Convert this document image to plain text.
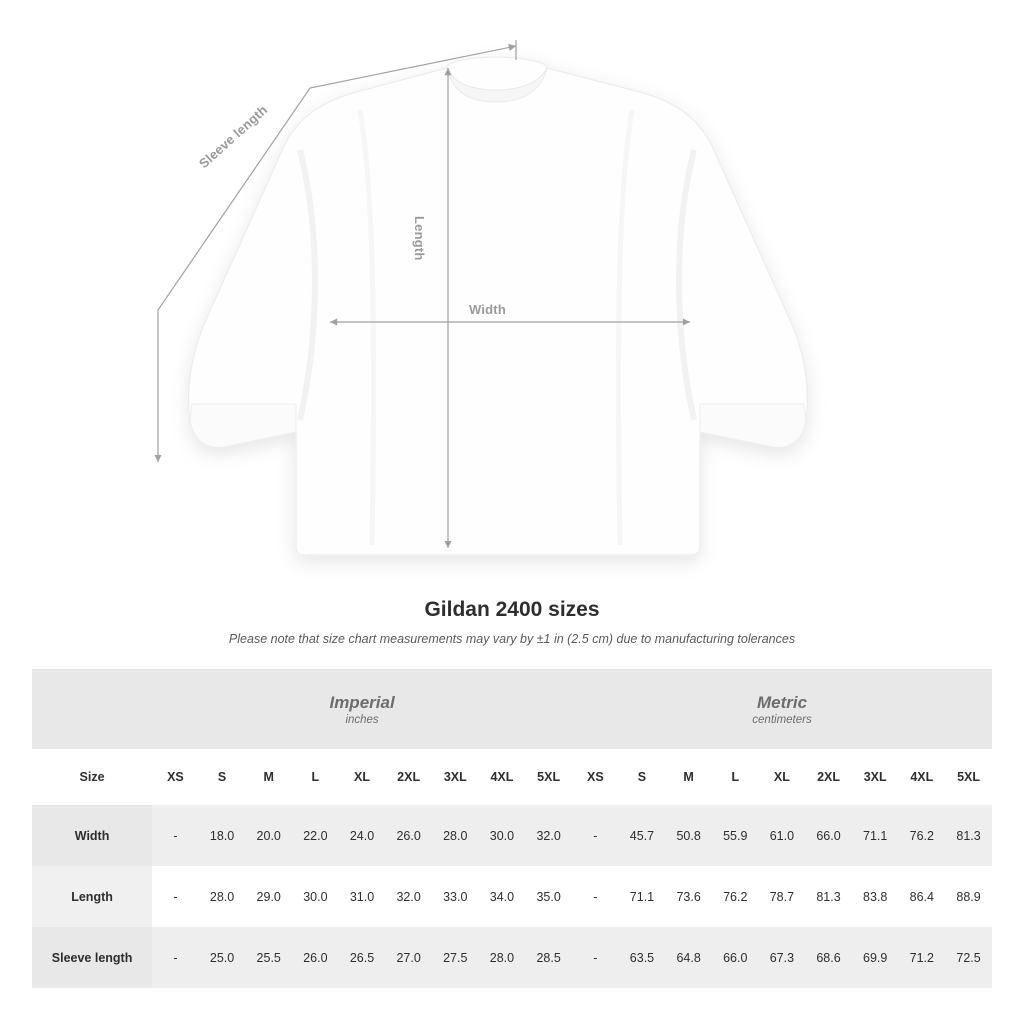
Width
Length
Sleeve length
Gildan 2400 sizes

Please note that size chart measurements may vary by ±1 in (2.5 cm) due to manufacturing tolerances

Imperial
inches

Metric
centimeters

Size	XS	S	M	L	XL	2XL	3XL	4XL	5XL	XS	S	M	L	XL	2XL	3XL	4XL	5XL
Width	-	18.0	20.0	22.0	24.0	26.0	28.0	30.0	32.0	-	45.7	50.8	55.9	61.0	66.0	71.1	76.2	81.3
Length	-	28.0	29.0	30.0	31.0	32.0	33.0	34.0	35.0	-	71.1	73.6	76.2	78.7	81.3	83.8	86.4	88.9
Sleeve length	-	25.0	25.5	26.0	26.5	27.0	27.5	28.0	28.5	-	63.5	64.8	66.0	67.3	68.6	69.9	71.2	72.5
